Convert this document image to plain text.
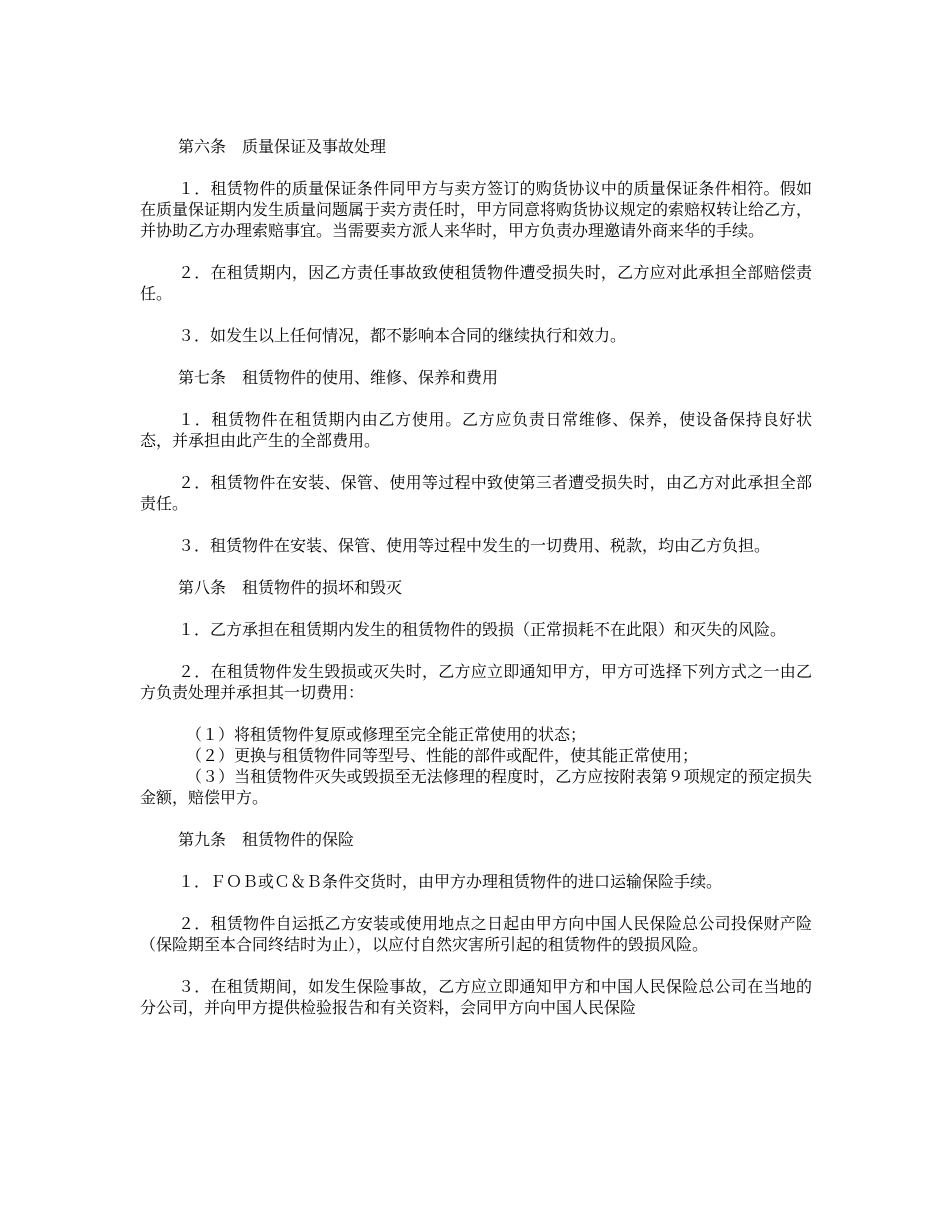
第六条　质量保证及事故处理

１．租赁物件的质量保证条件同甲方与卖方签订的购货协议中的质量保证条件相符。假如在质量保证期内发生质量问题属于卖方责任时，甲方同意将购货协议规定的索赔权转让给乙方，并协助乙方办理索赔事宜。当需要卖方派人来华时，甲方负责办理邀请外商来华的手续。

２．在租赁期内，因乙方责任事故致使租赁物件遭受损失时，乙方应对此承担全部赔偿责任。

３．如发生以上任何情况，都不影响本合同的继续执行和效力。

第七条　租赁物件的使用、维修、保养和费用

１．租赁物件在租赁期内由乙方使用。乙方应负责日常维修、保养，使设备保持良好状态，并承担由此产生的全部费用。

２．租赁物件在安装、保管、使用等过程中致使第三者遭受损失时，由乙方对此承担全部责任。

３．租赁物件在安装、保管、使用等过程中发生的一切费用、税款，均由乙方负担。

第八条　租赁物件的损坏和毁灭

１．乙方承担在租赁期内发生的租赁物件的毁损（正常损耗不在此限）和灭失的风险。

２．在租赁物件发生毁损或灭失时，乙方应立即通知甲方，甲方可选择下列方式之一由乙方负责处理并承担其一切费用：

（１）将租赁物件复原或修理至完全能正常使用的状态；

（２）更换与租赁物件同等型号、性能的部件或配件，使其能正常使用；

（３）当租赁物件灭失或毁损至无法修理的程度时，乙方应按附表第９项规定的预定损失金额，赔偿甲方。

第九条　租赁物件的保险

１．ＦＯＢ或Ｃ＆Ｂ条件交货时，由甲方办理租赁物件的进口运输保险手续。

２．租赁物件自运抵乙方安装或使用地点之日起由甲方向中国人民保险总公司投保财产险（保险期至本合同终结时为止），以应付自然灾害所引起的租赁物件的毁损风险。

３．在租赁期间，如发生保险事故，乙方应立即通知甲方和中国人民保险总公司在当地的分公司，并向甲方提供检验报告和有关资料，会同甲方向中国人民保险
